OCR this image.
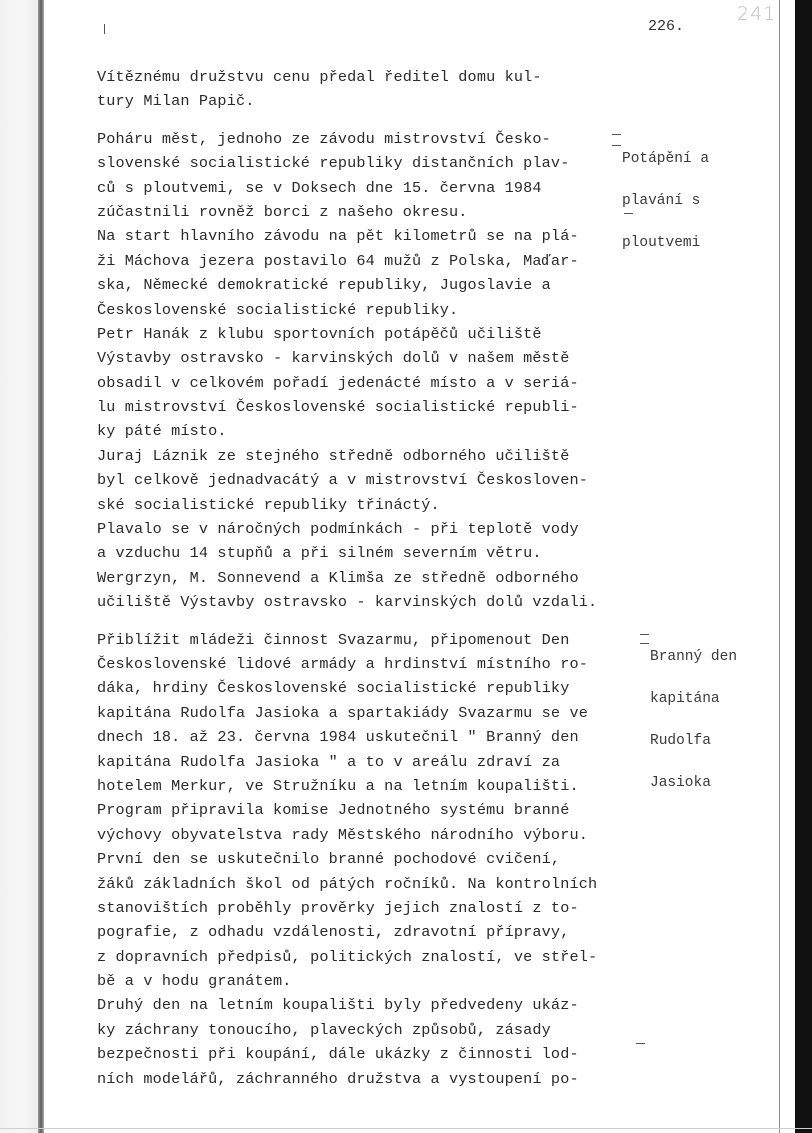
241
226.
Vítěznému družstvu cenu předal ředitel domu kul-
tury Milan Papič.
Poháru měst, jednoho ze závodu mistrovství Česko-
slovenské socialistické republiky distančních plav-
ců s ploutvemi, se v Doksech dne 15. června 1984
zúčastnili rovněž borci z našeho okresu.
Na start hlavního závodu na pět kilometrů se na plá-
ži Máchova jezera postavilo 64 mužů z Polska, Maďar-
ska, Německé demokratické republiky, Jugoslavie a
Československé socialistické republiky.
Petr Hanák z klubu sportovních potápěčů učiliště
Výstavby ostravsko - karvinských dolů v našem městě
obsadil v celkovém pořadí jedenácté místo a v seriá-
lu mistrovství Československé socialistické republi-
ky páté místo.
Juraj Láznik ze stejného středně odborného učiliště
byl celkově jednadvacátý a v mistrovství Českosloven-
ské socialistické republiky třináctý.
Plavalo se v náročných podmínkách - při teplotě vody
a vzduchu 14 stupňů a při silném severním větru.
Wergrzyn, M. Sonnevend a Klimša ze středně odborného
učiliště Výstavby ostravsko - karvinských dolů vzdali.
Přiblížit mládeži činnost Svazarmu, připomenout Den
Československé lidové armády a hrdinství místního ro-
dáka, hrdiny Československé socialistické republiky
kapitána Rudolfa Jasioka a spartakiády Svazarmu se ve
dnech 18. až 23. června 1984 uskutečnil " Branný den
kapitána Rudolfa Jasioka " a to v areálu zdraví za
hotelem Merkur, ve Stružníku a na letním koupališti.
Program připravila komise Jednotného systému branné
výchovy obyvatelstva rady Městského národního výboru.
První den se uskutečnilo branné pochodové cvičení,
žáků základních škol od pátých ročníků. Na kontrolních
stanovištích proběhly prověrky jejich znalostí z to-
pografie, z odhadu vzdálenosti, zdravotní přípravy,
z dopravních předpisů, politických znalostí, ve střel-
bě a v hodu granátem.
Druhý den na letním koupališti byly předvedeny ukáz-
ky záchrany tonoucího, plaveckých způsobů, zásady
bezpečnosti při koupání, dále ukázky z činnosti lod-
ních modelářů, záchranného družstva a vystoupení po-

Potápění a

plavání s

ploutvemi

Branný den

kapitána

Rudolfa

Jasioka
